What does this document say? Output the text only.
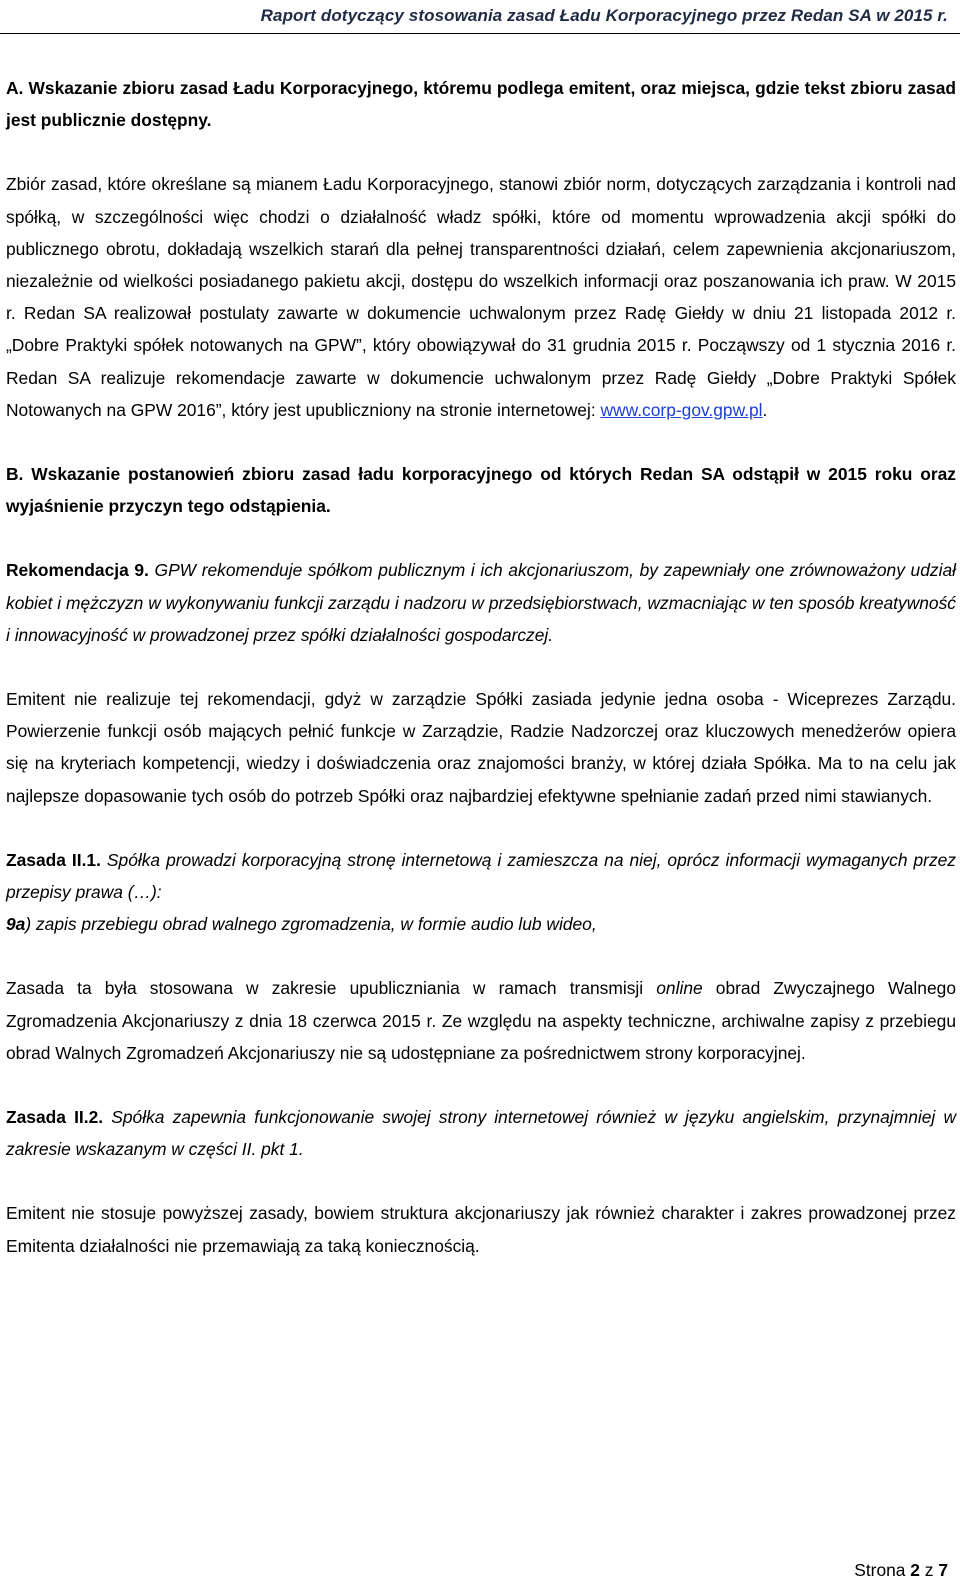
Raport dotyczący stosowania zasad Ładu Korporacyjnego przez Redan SA w 2015 r.

A. Wskazanie zbioru zasad Ładu Korporacyjnego, któremu podlega emitent, oraz miejsca, gdzie tekst zbioru zasad jest publicznie dostępny.

Zbiór zasad, które określane są mianem Ładu Korporacyjnego, stanowi zbiór norm, dotyczących zarządzania i kontroli nad spółką, w szczególności więc chodzi o działalność władz spółki, które od momentu wprowadzenia akcji spółki do publicznego obrotu, dokładają wszelkich starań dla pełnej transparentności działań, celem zapewnienia akcjonariuszom, niezależnie od wielkości posiadanego pakietu akcji, dostępu do wszelkich informacji oraz poszanowania ich praw. W 2015 r. Redan SA realizował postulaty zawarte w dokumencie uchwalonym przez Radę Giełdy w dniu 21 listopada 2012 r. „Dobre Praktyki spółek notowanych na GPW”, który obowiązywał do 31 grudnia 2015 r. Począwszy od 1 stycznia 2016 r. Redan SA realizuje rekomendacje zawarte w dokumencie uchwalonym przez Radę Giełdy „Dobre Praktyki Spółek Notowanych na GPW 2016”, który jest upubliczniony na stronie internetowej: www.corp-gov.gpw.pl.

B. Wskazanie postanowień zbioru zasad ładu korporacyjnego od których Redan SA odstąpił w 2015 roku oraz wyjaśnienie przyczyn tego odstąpienia.

Rekomendacja 9. GPW rekomenduje spółkom publicznym i ich akcjonariuszom, by zapewniały one zrównoważony udział kobiet i mężczyzn w wykonywaniu funkcji zarządu i nadzoru w przedsiębiorstwach, wzmacniając w ten sposób kreatywność i innowacyjność w prowadzonej przez spółki działalności gospodarczej.

Emitent nie realizuje tej rekomendacji, gdyż w zarządzie Spółki zasiada jedynie jedna osoba - Wiceprezes Zarządu. Powierzenie funkcji osób mających pełnić funkcje w Zarządzie, Radzie Nadzorczej oraz kluczowych menedżerów opiera się na kryteriach kompetencji, wiedzy i doświadczenia oraz znajomości branży, w której działa Spółka. Ma to na celu jak najlepsze dopasowanie tych osób do potrzeb Spółki oraz najbardziej efektywne spełnianie zadań przed nimi stawianych.

Zasada II.1. Spółka prowadzi korporacyjną stronę internetową i zamieszcza na niej, oprócz informacji wymaganych przez przepisy prawa (…):
9a) zapis przebiegu obrad walnego zgromadzenia, w formie audio lub wideo,

Zasada ta była stosowana w zakresie upubliczniania w ramach transmisji online obrad Zwyczajnego Walnego Zgromadzenia Akcjonariuszy z dnia 18 czerwca 2015 r. Ze względu na aspekty techniczne, archiwalne zapisy z przebiegu obrad Walnych Zgromadzeń Akcjonariuszy nie są udostępniane za pośrednictwem strony korporacyjnej.

Zasada II.2. Spółka zapewnia funkcjonowanie swojej strony internetowej również w języku angielskim, przynajmniej w zakresie wskazanym w części II. pkt 1.

Emitent nie stosuje powyższej zasady, bowiem struktura akcjonariuszy jak również charakter i zakres prowadzonej przez Emitenta działalności nie przemawiają za taką koniecznością.

Strona 2 z 7
